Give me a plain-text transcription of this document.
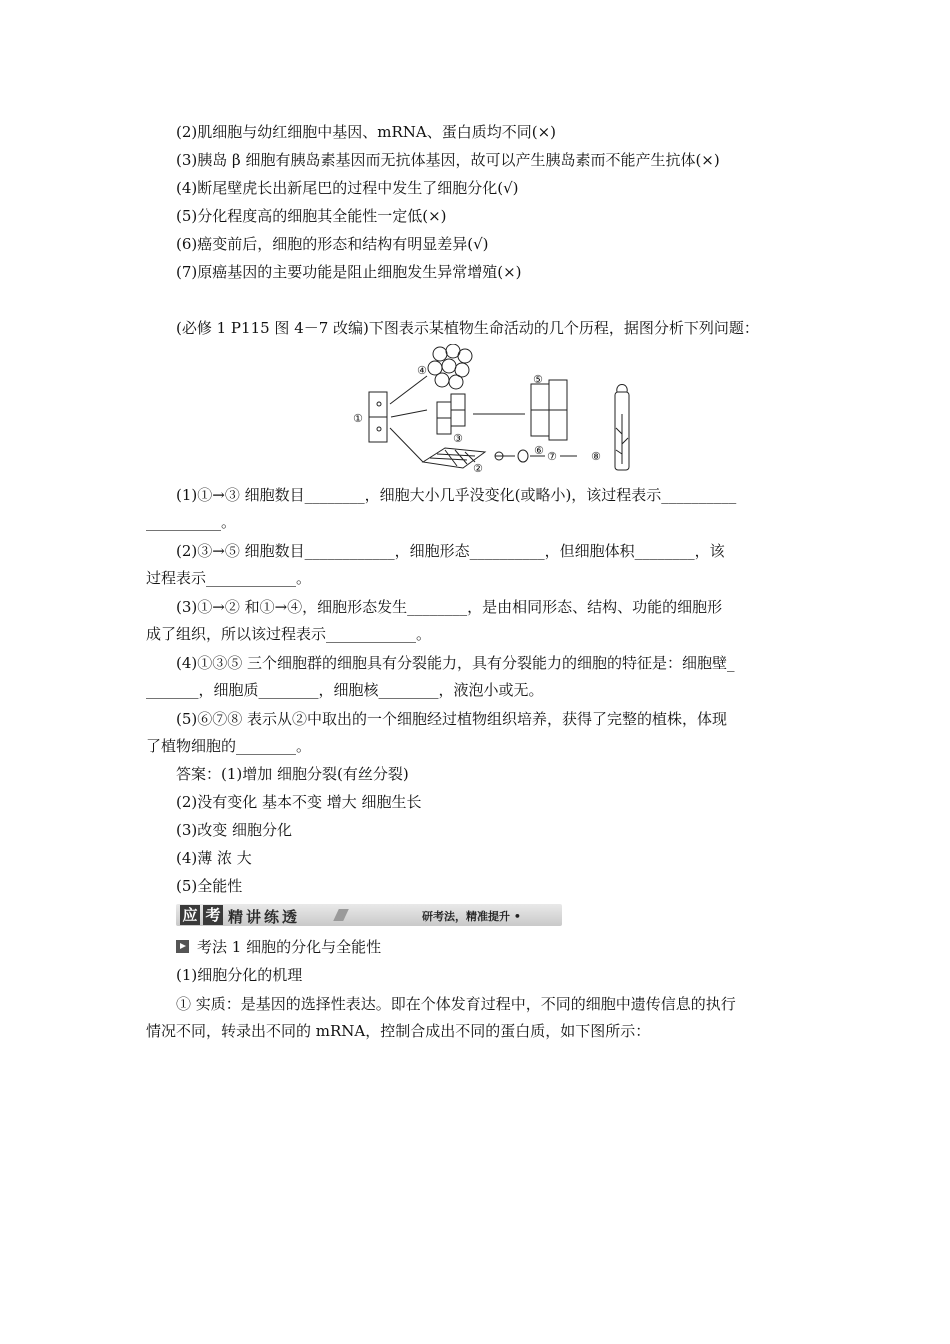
(2)肌细胞与幼红细胞中基因、mRNA、蛋白质均不同(×)
(3)胰岛 β 细胞有胰岛素基因而无抗体基因，故可以产生胰岛素而不能产生抗体(×)
(4)断尾壁虎长出新尾巴的过程中发生了细胞分化(√)
(5)分化程度高的细胞其全能性一定低(×)
(6)癌变前后，细胞的形态和结构有明显差异(√)
(7)原癌基因的主要功能是阻止细胞发生异常增殖(×)
(必修 1 P115 图 4－7 改编)下图表示某植物生命活动的几个历程，据图分析下列问题：
①
②
③
④
⑤
⑥ ⑦	⑧
(1)①→③ 细胞数目________，细胞大小几乎没变化(或略小)，该过程表示__________
__________。
(2)③→⑤ 细胞数目____________，细胞形态__________，但细胞体积________，该
过程表示____________。
(3)①→② 和①→④，细胞形态发生________，是由相同形态、结构、功能的细胞形
成了组织，所以该过程表示____________。
(4)①③⑤ 三个细胞群的细胞具有分裂能力，具有分裂能力的细胞的特征是：细胞壁_
_______，细胞质________，细胞核________，液泡小或无。
(5)⑥⑦⑧ 表示从②中取出的一个细胞经过植物组织培养，获得了完整的植株，体现
了植物细胞的________。
答案：(1)增加 细胞分裂(有丝分裂)
(2)没有变化 基本不变 增大 细胞生长
(3)改变 细胞分化
(4)薄 浓 大
(5)全能性
应 考 精讲练透	研考法，精准提升 •
考法 1 细胞的分化与全能性
(1)细胞分化的机理
① 实质：是基因的选择性表达。即在个体发育过程中，不同的细胞中遗传信息的执行
情况不同，转录出不同的 mRNA，控制合成出不同的蛋白质，如下图所示：
